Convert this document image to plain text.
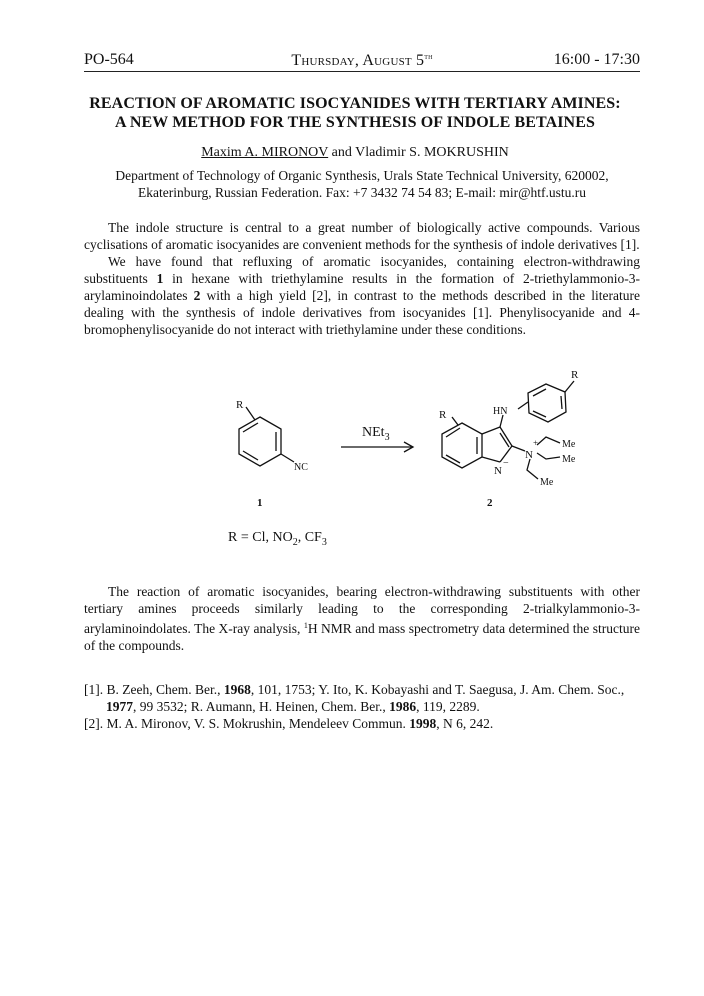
PO-564	Thursday, August 5th	16:00 - 17:30
REACTION OF AROMATIC ISOCYANIDES WITH TERTIARY AMINES:
A NEW METHOD FOR THE SYNTHESIS OF INDOLE BETAINES
Maxim A. MIRONOV and Vladimir S. MOKRUSHIN
Department of Technology of Organic Synthesis, Urals State Technical University, 620002,
Ekaterinburg, Russian Federation. Fax: +7 3432 74 54 83; E-mail: mir@htf.ustu.ru

The indole structure is central to a great number of biologically active compounds. Various cyclisations of aromatic isocyanides are convenient methods for the synthesis of indole derivatives [1].

We have found that refluxing of aromatic isocyanides, containing electron-withdrawing substituents 1 in hexane with triethylamine results in the formation of 2-triethylammonio-3-arylaminoindolates 2 with a high yield [2], in contrast to the methods described in the literature dealing with the synthesis of indole derivatives from isocyanides [1]. Phenylisocyanide and 4-bromophenylisocyanide do not interact with triethylamine under these conditions.

R
NC
1
NEt$_3$
R	HN
R
N
+
N
−
Me
Me
Me
2
R = Cl, $NO_2$, $CF_3$

The reaction of aromatic isocyanides, bearing electron-withdrawing substituents with other tertiary amines proceeds similarly leading to the corresponding 2-trialkylammonio-3-arylaminoindolates. The X-ray analysis, $^1$H NMR and mass spectrometry data determined the structure of the compounds.

[1]. B. Zeeh, Chem. Ber., 1968, 101, 1753; Y. Ito, K. Kobayashi and T. Saegusa, J. Am. Chem. Soc., 1977, 99 3532; R. Aumann, H. Heinen, Chem. Ber., 1986, 119, 2289.

[2]. M. A. Mironov, V. S. Mokrushin, Mendeleev Commun. 1998, N 6, 242.
